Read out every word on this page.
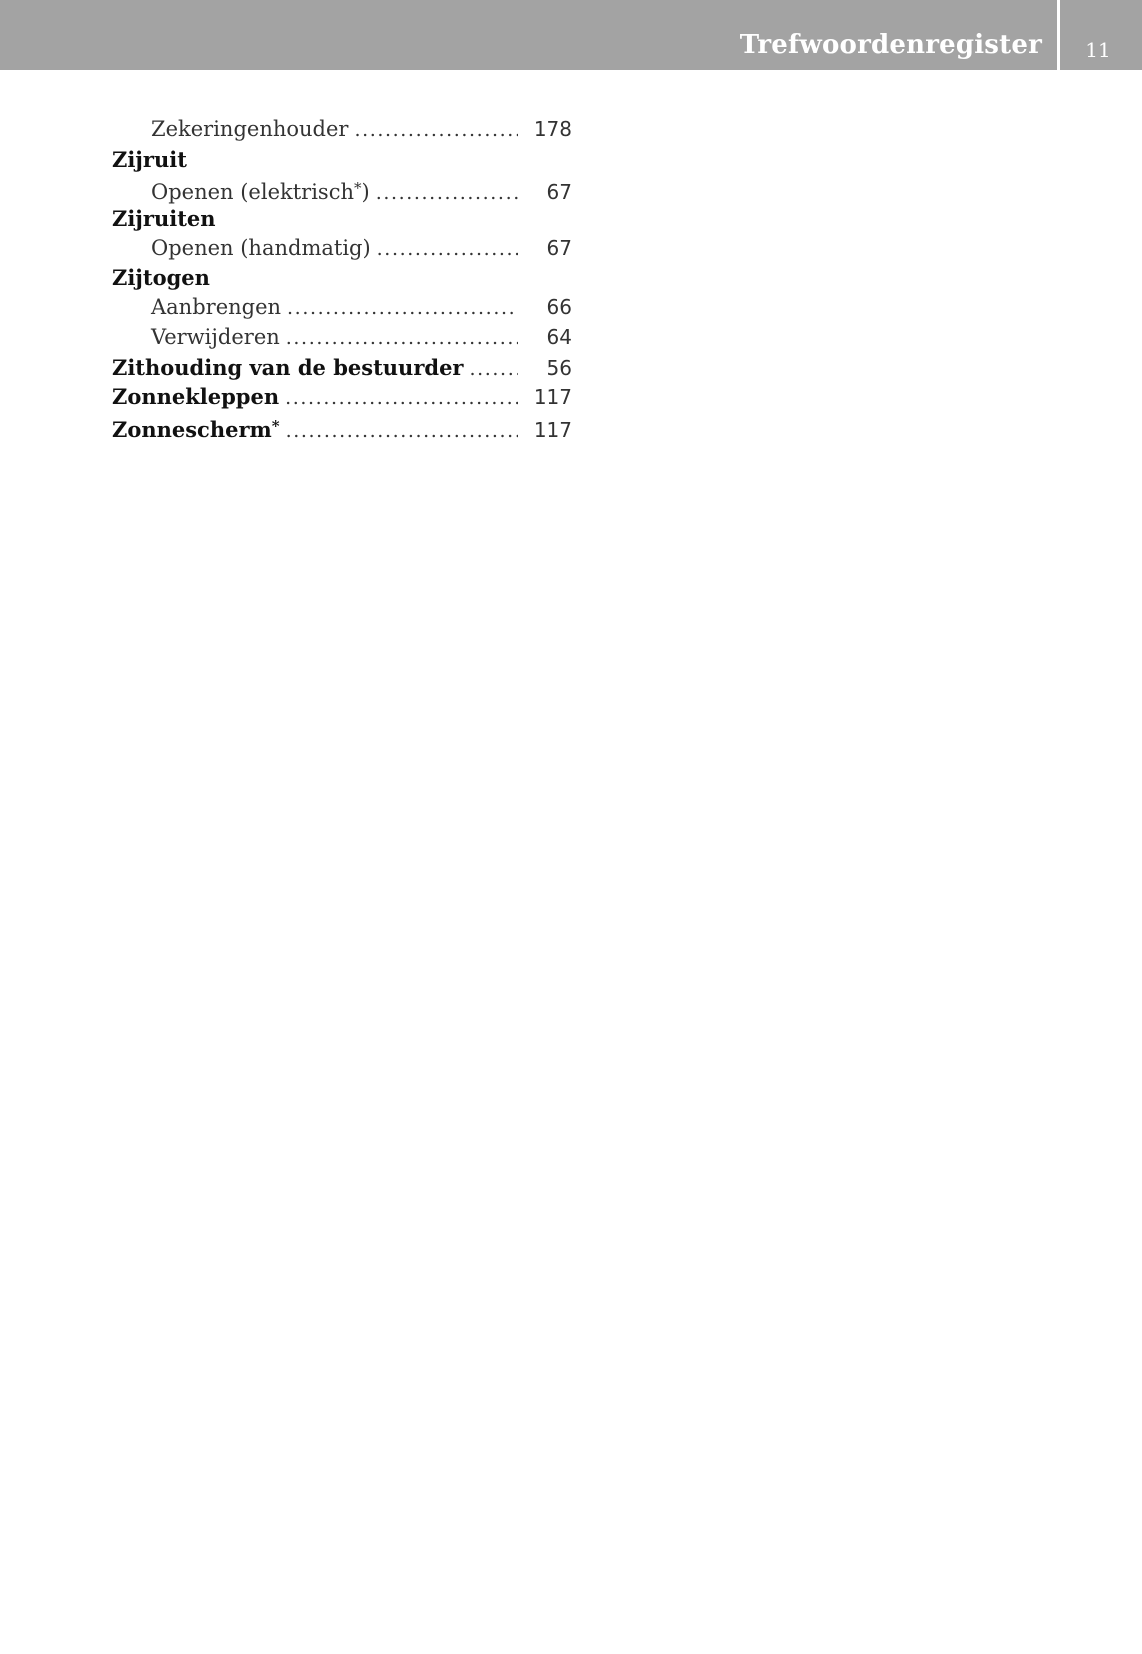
Trefwoordenregister	11
Zekeringenhouder .....	178
Zijruit
Openen (elektrisch*) .....	67
Zijruiten
Openen (handmatig) .....	67
Zijtogen
Aanbrengen .....	66
Verwijderen .....	64
Zithouding van de bestuurder .....	56
Zonnekleppen .....	117
Zonnescherm* .....	117
